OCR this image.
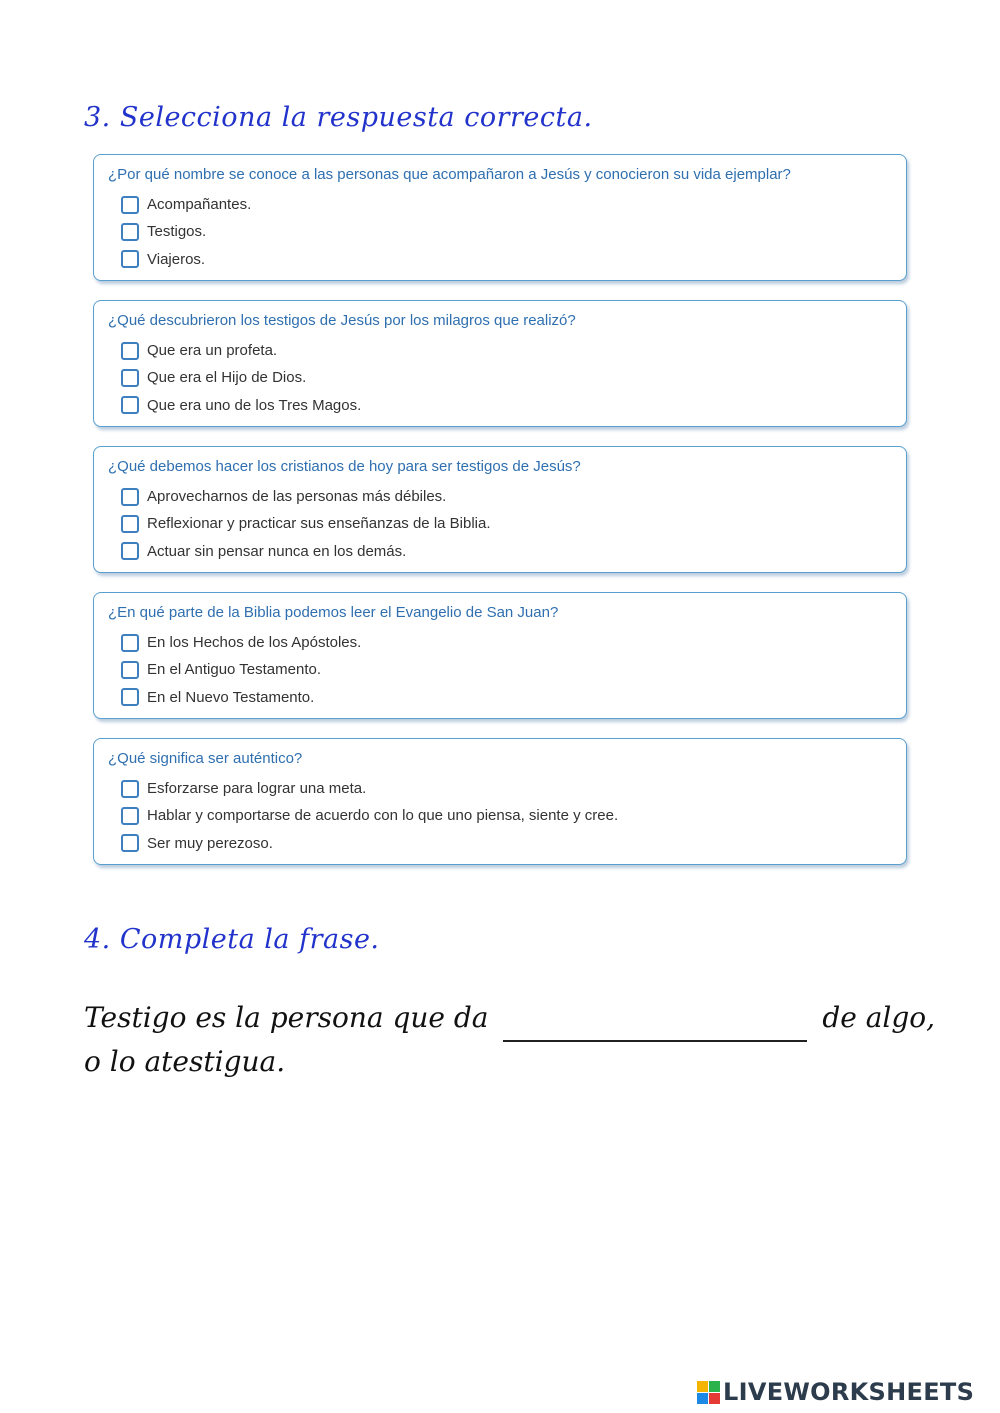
3. Selecciona la respuesta correcta.

¿Por qué nombre se conoce a las personas que acompañaron a Jesús y conocieron su vida ejemplar?

Acompañantes.
Testigos.
Viajeros.

¿Qué descubrieron los testigos de Jesús por los milagros que realizó?

Que era un profeta.
Que era el Hijo de Dios.
Que era uno de los Tres Magos.

¿Qué debemos hacer los cristianos de hoy para ser testigos de Jesús?

Aprovecharnos de las personas más débiles.
Reflexionar y practicar sus enseñanzas de la Biblia.
Actuar sin pensar nunca en los demás.

¿En qué parte de la Biblia podemos leer el Evangelio de San Juan?

En los Hechos de los Apóstoles.
En el Antiguo Testamento.
En el Nuevo Testamento.

¿Qué significa ser auténtico?

Esforzarse para lograr una meta.
Hablar y comportarse de acuerdo con lo que uno piensa, siente y cree.
Ser muy perezoso.
4. Completa la frase.

Testigo es la persona que da	de algo, o lo atestigua.

LIVEWORKSHEETS
